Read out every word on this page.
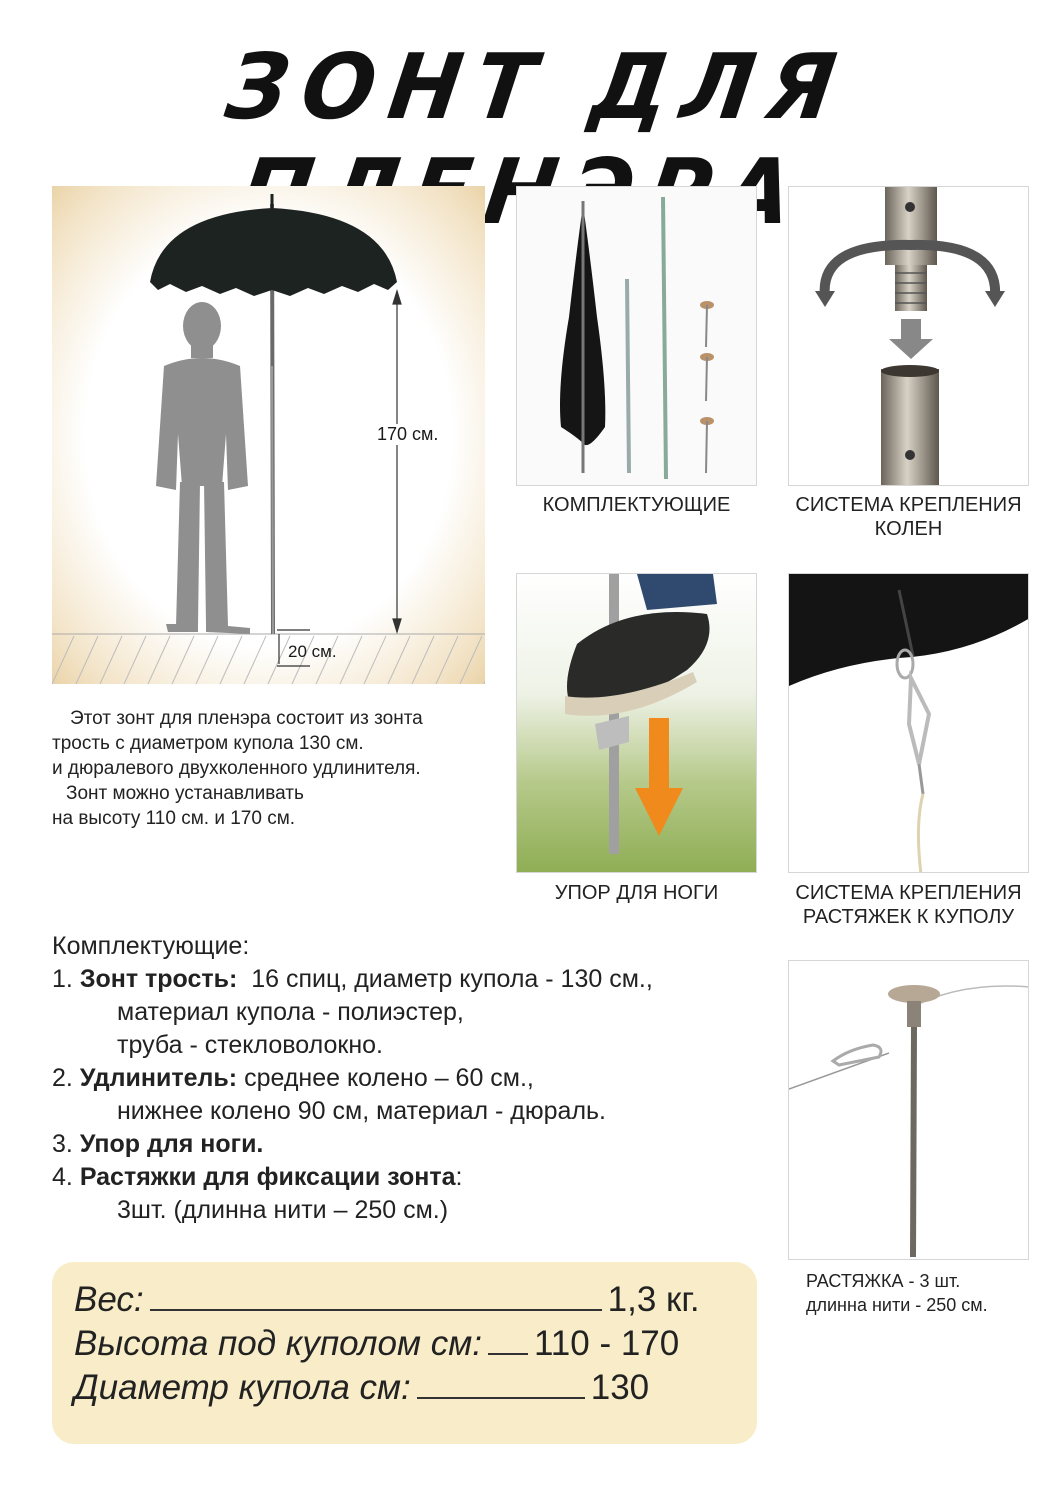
ЗОНТ ДЛЯ
170 см.
20 см.
КОМПЛЕКТУЮЩИЕ	СИСТЕМА КРЕПЛЕНИЯ
КОЛЕН
УПОР ДЛЯ НОГИ	СИСТЕМА КРЕПЛЕНИЯ
РАСТЯЖЕК К КУПОЛУ
Этот зонт для пленэра состоит из зонта
трость с диаметром купола 130 см.
и дюралевого двухколенного удлинителя.
Зонт можно устанавливать
на высоту 110 см. и 170 см.
Комплектующие:
1. Зонт трость: 16 спиц, диаметр купола - 130 см.,
материал купола - полиэстер,
труба - стекловолокно.
2. Удлинитель: среднее колено – 60 см.,
нижнее колено 90 см, материал - дюраль.
3. Упор для ноги.
4. Растяжки для фиксации зонта:
3шт. (длинна нити – 250 см.)
РАСТЯЖКА - 3 шт.
длинна нити - 250 см.
Вес:	1,3 кг.
Высота под куполом см: 110 - 170
Диаметр купола см:	130
